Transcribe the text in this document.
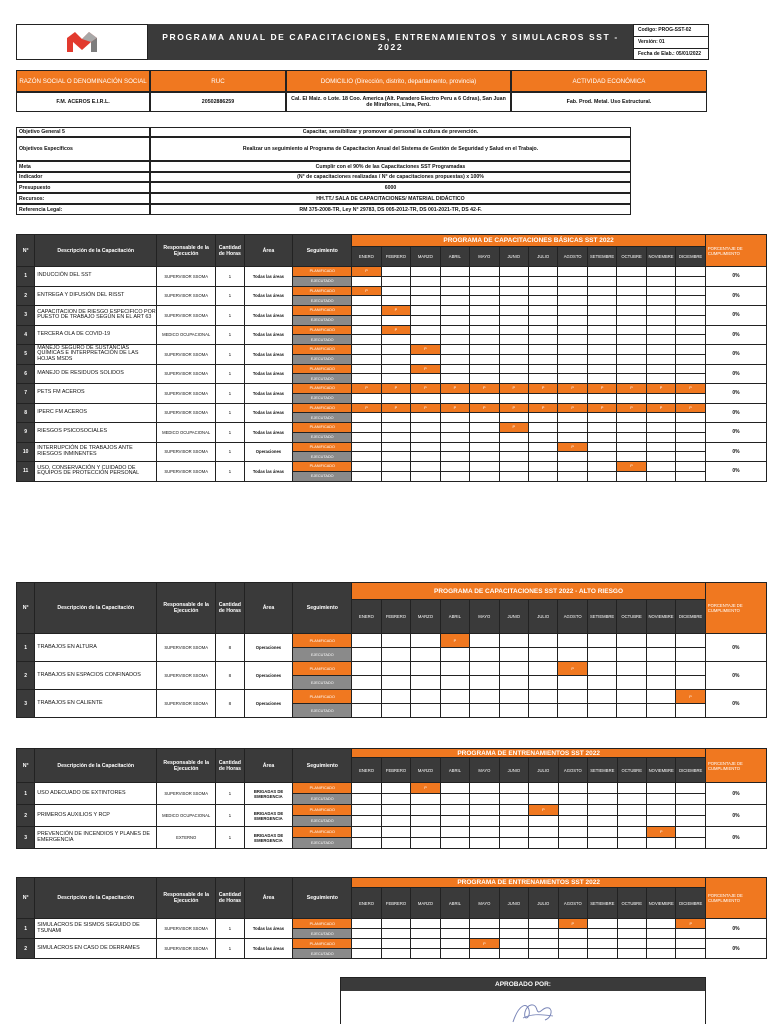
PROGRAMA ANUAL DE CAPACITACIONES, ENTRENAMIENTOS Y SIMULACROS SST - 2022
Codigo: PROG-SST-02
Versión: 01
Fecha de Elab.: 05/01/2022
RAZÓN SOCIAL O DENOMINACIÓN SOCIAL	RUC	DOMICILIO (Dirección, distrito, departamento, provincia)	ACTIVIDAD ECONÓMICA
F.M. ACEROS E.I.R.L.	20502886259	Cal. El Maiz. o Lote. 18 Coo. America (Alt. Paradero Electro Peru a 6 Cdras), San Juan de Miraflores, Lima, Perú.	Fab. Prod. Metal. Uso Estructural.
Objetivo General 5	Capacitar, sensibilizar y promover al personal la cultura de prevención.
Objetivos Específicos	Realizar un seguimiento al Programa de Capacitacion Anual del Sistema de Gestión de Seguridad y Salud en el Trabajo.
Meta	Cumplir con el 90% de las Capacitaciones SST Programadas
Indicador	(N° de capacitaciones realizadas / N° de capacitaciones propuestas) x 100%
Presupuesto	6000
Recursos:	HH.TT./ SALA DE CAPACITACIONES/ MATERIAL DIDÁCTICO
Referencia Legal:	RM 375-2008-TR, Ley N° 29783, DS 005-2012-TR, DS 001-2021-TR, DS 42-F.
N°	Descripción de la Capacitación	Responsable de la Ejecución	Cantidad de Horas	Área	Seguimiento	PROGRAMA DE CAPACITACIONES BÁSICAS SST 2022												PORCENTAJE DE CUMPLIMIENTO
						ENERO	FEBRERO	MARZO	ABRIL	MAYO	JUNIO	JULIO	AGOSTO	SETIEMBRE	OCTUBRE	NOVIEMBRE	DICIEMBRE	
1	INDUCCIÓN DEL SST	SUPERVISOR SSOMA	1	Todas las áreas	PLANIFICADO	P												0%
					EJECUTADO													
2	ENTREGA Y DIFUSIÓN DEL RISST	SUPERVISOR SSOMA	1	Todas las áreas	PLANIFICADO	P												0%
					EJECUTADO													
3	CAPACITACION DE RIESGO ESPECIFICO POR PUESTO DE TRABAJO SEGÚN EN EL ART 63	SUPERVISOR SSOMA	1	Todas las áreas	PLANIFICADO		P											0%
					EJECUTADO													
4	TERCERA OLA DE COVID-19	MEDICO OCUPACIONAL	1	Todas las áreas	PLANIFICADO		P											0%
					EJECUTADO													
5	MANEJO SEGURO DE SUSTANCIAS QUÍMICAS E INTERPRETACIÓN DE LAS HOJAS MSDS	SUPERVISOR SSOMA	1	Todas las áreas	PLANIFICADO			P										0%
					EJECUTADO													
6	MANEJO DE RESIDUOS SOLIDOS	SUPERVISOR SSOMA	1	Todas las áreas	PLANIFICADO			P										0%
					EJECUTADO													
7	PETS FM ACEROS	SUPERVISOR SSOMA	1	Todas las áreas	PLANIFICADO	P	P	P	P	P	P	P	P	P	P	P	P	0%
					EJECUTADO													
8	IPERC FM ACEROS	SUPERVISOR SSOMA	1	Todas las áreas	PLANIFICADO	P	P	P	P	P	P	P	P	P	P	P	P	0%
					EJECUTADO													
9	RIESGOS PSICOSOCIALES	MEDICO OCUPACIONAL	1	Todas las áreas	PLANIFICADO						P							0%
					EJECUTADO													
10	INTERRUPCIÓN DE TRABAJOS ANTE RIESGOS INMINENTES	SUPERVISOR SSOMA	1	Operaciones	PLANIFICADO								P					0%
					EJECUTADO													
11	USO, CONSERVACIÓN Y CUIDADO DE EQUIPOS DE PROTECCIÓN PERSONAL	SUPERVISOR SSOMA	1	Todas las áreas	PLANIFICADO										P			0%
					EJECUTADO													
N°	Descripción de la Capacitación	Responsable de la Ejecución	Cantidad de Horas	Área	Seguimiento	PROGRAMA DE CAPACITACIONES SST 2022 - ALTO RIESGO												PORCENTAJE DE CUMPLIMIENTO
						ENERO	FEBRERO	MARZO	ABRIL	MAYO	JUNIO	JULIO	AGOSTO	SETIEMBRE	OCTUBRE	NOVIEMBRE	DICIEMBRE	
1	TRABAJOS EN ALTURA	SUPERVISOR SSOMA	8	Operaciones	PLANIFICADO				P									0%
					EJECUTADO													
2	TRABAJOS EN ESPACIOS CONFINADOS	SUPERVISOR SSOMA	8	Operaciones	PLANIFICADO								P					0%
					EJECUTADO													
3	TRABAJOS EN CALIENTE	SUPERVISOR SSOMA	8	Operaciones	PLANIFICADO												P	0%
					EJECUTADO													
N°	Descripción de la Capacitación	Responsable de la Ejecución	Cantidad de Horas	Área	Seguimiento	PROGRAMA DE ENTRENAMIENTOS SST 2022												PORCENTAJE DE CUMPLIMIENTO
						ENERO	FEBRERO	MARZO	ABRIL	MAYO	JUNIO	JULIO	AGOSTO	SETIEMBRE	OCTUBRE	NOVIEMBRE	DICIEMBRE	
1	USO ADECUADO DE EXTINTORES	SUPERVISOR SSOMA	1	BRIGADAS DE EMERGENCIA	PLANIFICADO			P										0%
					EJECUTADO													
2	PRIMEROS AUXILIOS Y RCP	MEDICO OCUPACIONAL	1	BRIGADAS DE EMERGENCIA	PLANIFICADO							P						0%
					EJECUTADO													
3	PREVENCIÓN DE INCENDIOS Y PLANES DE EMERGENCIA	EXTERNO	1	BRIGADAS DE EMERGENCIA	PLANIFICADO											P		0%
					EJECUTADO													
N°	Descripción de la Capacitación	Responsable de la Ejecución	Cantidad de Horas	Área	Seguimiento	PROGRAMA DE ENTRENAMIENTOS SST 2022												PORCENTAJE DE CUMPLIMIENTO
						ENERO	FEBRERO	MARZO	ABRIL	MAYO	JUNIO	JULIO	AGOSTO	SETIEMBRE	OCTUBRE	NOVIEMBRE	DICIEMBRE	
1	SIMULACROS DE SISMOS SEGUIDO DE TSUNAMI	SUPERVISOR SSOMA	1	Todas las áreas	PLANIFICADO								P				P	0%
					EJECUTADO													
2	SIMULACROS EN CASO DE DERRAMES	SUPERVISOR SSOMA	1	Todas las áreas	PLANIFICADO					P								0%
					EJECUTADO													
APROBADO POR:
